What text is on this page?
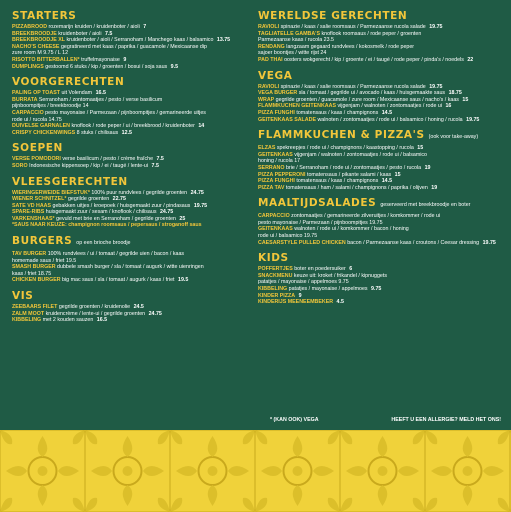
STARTERS
PIZZABROOD rozemarijn kruiden / kruidenboter / aioli 7
BREEKBROODJE kruidenboter / aioli 7.5
BREEKBROODJE XL kruidenboter / aioli / Serranoham / Manchego kaas / balsamico 13.75
NACHO'S CHEESE gegratineerd met kaas / paprika / guacamole / Mexicaanse dip
zure room M 9.75 / L 12
RISOTTO BITTERBALLEN* truffelmayonaise 9
DUMPLINGS gestoomd 6 stuks / kip / groenten / bosui / soja saus 9.5
VOORGERECHTEN
PALING OP TOAST uit Volendam 16.5
BURRATA Serranoham / zontomaatjes / pesto / verse basilicum
pijnboompitjes / breekbroodje 14
CARPACCIO pesto mayonaise / Parmezaan / pijnboompitjes / gemarineerde uitjes
rode ui / rucola 14.75
DUIVELSE GARNALEN knoflook / rode peper / ui / breekbrood / kruidenboter 14
CRISPY CHICKENWINGS 8 stuks / chilisaus 12.5
SOEPEN
VERSE POMODORI verse basilicum / pesto / crème fraîche 7.5
SORO Indonesische kippensoep / kip / ei / taugé / lente-ui 7.5
VLEESGERECHTEN
WIERINGERWEIDE BIEFSTUK* 100% puur rundvlees / gegrilde groenten 24.75
WIENER SCHNITZEL* gegrilde groenten 22.75
SATE VD HAAS gebakken uitjes / kroepoek / huisgemaakt zuur / pindasaus 19.75
SPARE-RIBS huisgemaakt zuur / sesam / knoflook / chilisaus 24.75
VARKENSHAAS* gevuld met brie en Serranoham / gegrilde groenten 25
*SAUS NAAR KEUZE: champignon roomsaus / pepersaus / stroganoff saus
BURGERS op een brioche broodje
TAV BURGER 100% rundvlees / ui / tomaat / gegrilde uien / bacon / kaas
homemade saus / friet 19.5
SMASH BURGER dubbele smash burger / sla / tomaat / augurk / witte uienringen
kaas / friet 18.75
CHICKEN BURGER big mac saus / sla / tomaat / augurk / kaas / friet 19.5
VIS
ZEEBAARS FILET gegrilde groenten / kruidenolie 24.5
ZALM MOOT kruidencrème / lente-ui / gegrilde groenten 24.75
KIBBELING met 2 kouden sauzen 16.5
WERELDSE GERECHTEN
RAVIOLI spinazie / kaas / salie roomsaus / Parmezaanse rucola salade 19.75
TAGLIATELLE GAMBA'S knoflook roomsaus / rode peper / groenten
Parmezaanse kaas / rucola 23.5
RENDANG langzaam gegaard rundvlees / kokosmelk / rode peper
sajoer boontjes / witte rijst 24
PAD THAI oosters wokgerecht / kip / groente / ei / taugé / rode peper / pinda's / noedels 22
VEGA
RAVIOLI spinazie / kaas / salie roomsaus / Parmezaanse rucola salade 19.75
VEGA BURGER sla / tomaat / gegrilde ui / avocado / kaas / huisgemaakte saus 18.75
WRAP gegrilde groenten / guacamole / zure room / Mexicaanse saus / nacho's / kaas 15
FLAMMKUCHEN GEITENKAAS vijgenjam / walnoten / zontomaatjes / rode ui 16
PIZZA FUNGHI tomatensaus / kaas / champignons 14.5
GEITENKAAS SALADE walnoten / zontomaatjes / rode ui / balsamico / honing / rucola 19.75
FLAMMKUCHEN & PIZZA'S (ook voor take-away)
ELZAS spekreepjes / rode ui / champignons / kaastopping / rucola 15
GEITENKAAS vijgenjam / walnoten / zontomaatjes / rode ui / balsamico
honing / rucola 17
SERRANO brie / Serranoham / rode ui / zontomaatjes / pesto / rucola 19
PIZZA PEPPERONI tomatensaus / pikante salami / kaas 15
PIZZA FUNGHI tomatensaus / kaas / champignons 14.5
PIZZA TAV tomatensaus / ham / salami / champignons / paprika / olijven 19
MAALTIJDSALADES geserveerd met breekbroodje en boter
CARPACCIO zontomaatjes / gemarineerde zilveruitjes / komkommer / rode ui
pesto mayonaise / Parmezaan / pijnboompitjes 19.75
GEITENKAAS walnoten / rode ui / komkommer / bacon / honing
rode ui / balsamico 19.75
CAESARSTYLE PULLED CHICKEN bacon / Parmezaanse kaas / croutons / Ceesar dressing 19.75
KIDS
POFFERTJES boter en poedersuiker 6
SNACKMENU keuze uit: kroket / frikandel / kipnuggets
patatjes / mayonaise / appelmoes 9.75
KIBBELING patatjes / mayonaise / appelmoes 9.75
KINDER PIZZA 9
KINDERIJS MEENEEMBEKER 4.5
* (KAN OOK) VEGA	HEEFT U EEN ALLERGIE? MELD HET ONS!
